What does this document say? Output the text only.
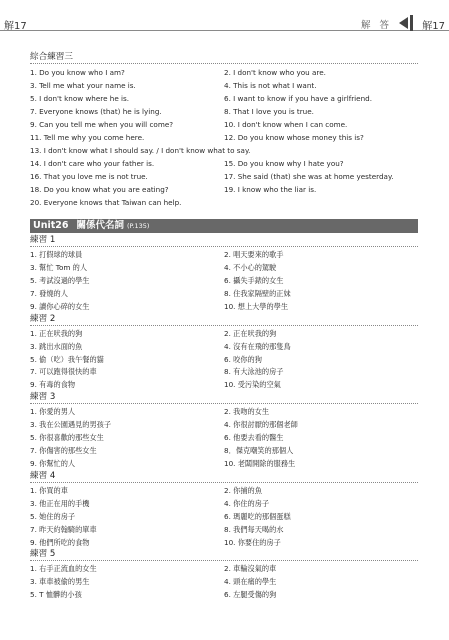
解17	解 答	解17
綜合練習三
1. Do you know who I am?	2. I don't know who you are.
3. Tell me what your name is.	4. This is not what I want.
5. I don't know where he is.	6. I want to know if you have a girlfriend.
7. Everyone knows (that) he is lying.	8. That I love you is true.
9. Can you tell me when you will come?	10. I don't know when I can come.
11. Tell me why you come here.	12. Do you know whose money this is?
13. I don't know what I should say. / I don't know what to say.
14. I don't care who your father is.	15. Do you know why I hate you?
16. That you love me is not true.	17. She said (that) she was at home yesterday.
18. Do you know what you are eating?	19. I know who the liar is.
20. Everyone knows that Taiwan can help.
Unit26 關係代名詞 (P.135)
練習 1
1. 打假球的球員	2. 唱天要來的歌手
3. 幫忙 Tom 的人	4. 不小心的駕駛
5. 考試沒過的學生	6. 攝失手錶的女生
7. 發燒的人	8. 住我家隔壁的正妹
9. 讀你心碎的女生	10. 想上大學的學生
練習 2
1. 正在吠我的狗	2. 正在吠我的狗
3. 跳出水面的魚	4. 沒有在飛的那隻鳥
5. 偷（吃）我午餐的貓	6. 咬你的狗
7. 可以跑得很快的車	8. 有大泳池的房子
9. 有毒的食物	10. 受污染的空氣
練習 3
1. 你愛的男人	2. 我吻的女生
3. 我在公園遇見的男孩子	4. 你很討厭的那個老師
5. 你很喜歡的那些女生	6. 他要去看的醫生
7. 你傷害的那些女生	8．傑克嘲笑的那個人
9. 你幫忙的人	10. 老闆開除的服務生
練習 4
1. 你買的車	2. 你捕的魚
3. 他正在用的手機	4. 你住的房子
5. 她住的房子	6. 瑪麗吃的那個蛋糕
7. 昨天約翰騎的單車	8. 我們每天喝的水
9. 他們所吃的食物	10. 你要住的房子
練習 5
1. 右手正流血的女生	2. 車輪沒氣的車
3. 車車被偷的男生	4. 頭在痛的學生
5. T 恤髒的小孩	6. 左腿受傷的狗
